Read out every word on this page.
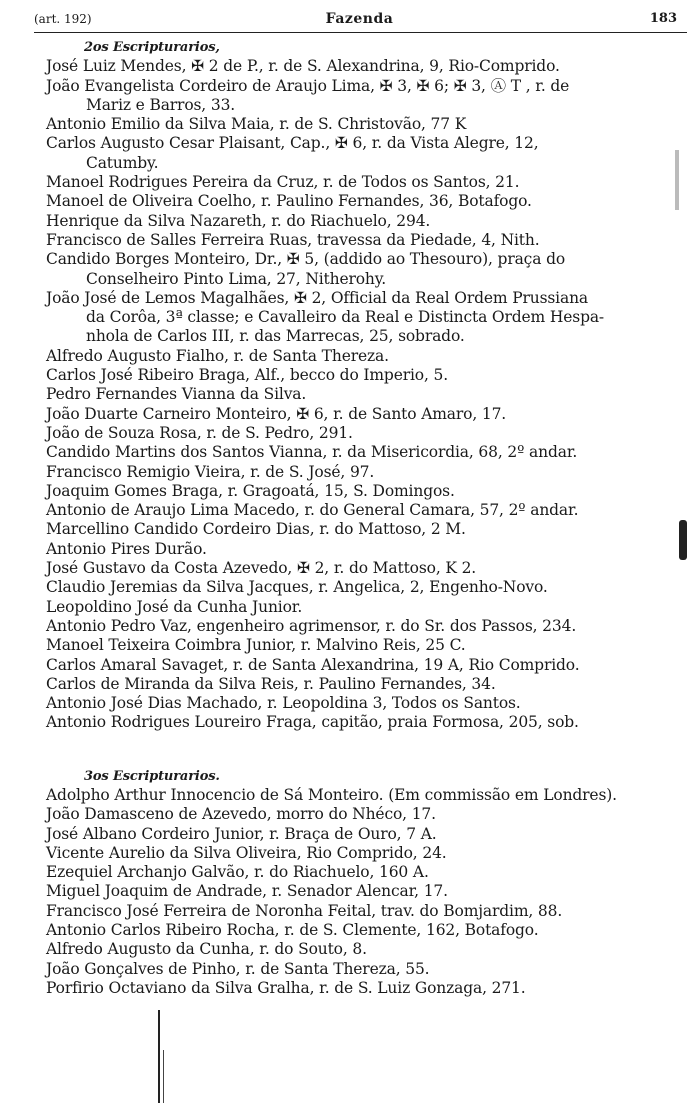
(art. 192)	Fazenda	183
2os Escripturarios,
José Luiz Mendes, ✠ 2 de P., r. de S. Alexandrina, 9, Rio-Comprido.
João Evangelista Cordeiro de Araujo Lima, ✠ 3, ✠ 6; ✠ 3, Ⓐ T , r. de
Mariz e Barros, 33.
Antonio Emilio da Silva Maia, r. de S. Christovão, 77 K
Carlos Augusto Cesar Plaisant, Cap., ✠ 6, r. da Vista Alegre, 12,
Catumby.
Manoel Rodrigues Pereira da Cruz, r. de Todos os Santos, 21.
Manoel de Oliveira Coelho, r. Paulino Fernandes, 36, Botafogo.
Henrique da Silva Nazareth, r. do Riachuelo, 294.
Francisco de Salles Ferreira Ruas, travessa da Piedade, 4, Nith.
Candido Borges Monteiro, Dr., ✠ 5, (addido ao Thesouro), praça do
Conselheiro Pinto Lima, 27, Nitherohy.
João José de Lemos Magalhães, ✠ 2, Official da Real Ordem Prussiana
da Corôa, 3ª classe; e Cavalleiro da Real e Distincta Ordem Hespa-
nhola de Carlos III, r. das Marrecas, 25, sobrado.
Alfredo Augusto Fialho, r. de Santa Thereza.
Carlos José Ribeiro Braga, Alf., becco do Imperio, 5.
Pedro Fernandes Vianna da Silva.
João Duarte Carneiro Monteiro, ✠ 6, r. de Santo Amaro, 17.
João de Souza Rosa, r. de S. Pedro, 291.
Candido Martins dos Santos Vianna, r. da Misericordia, 68, 2º andar.
Francisco Remigio Vieira, r. de S. José, 97.
Joaquim Gomes Braga, r. Gragoatá, 15, S. Domingos.
Antonio de Araujo Lima Macedo, r. do General Camara, 57, 2º andar.
Marcellino Candido Cordeiro Dias, r. do Mattoso, 2 M.
Antonio Pires Durão.
José Gustavo da Costa Azevedo, ✠ 2, r. do Mattoso, K 2.
Claudio Jeremias da Silva Jacques, r. Angelica, 2, Engenho-Novo.
Leopoldino José da Cunha Junior.
Antonio Pedro Vaz, engenheiro agrimensor, r. do Sr. dos Passos, 234.
Manoel Teixeira Coimbra Junior, r. Malvino Reis, 25 C.
Carlos Amaral Savaget, r. de Santa Alexandrina, 19 A, Rio Comprido.
Carlos de Miranda da Silva Reis, r. Paulino Fernandes, 34.
Antonio José Dias Machado, r. Leopoldina 3, Todos os Santos.
Antonio Rodrigues Loureiro Fraga, capitão, praia Formosa, 205, sob.
3os Escripturarios.
Adolpho Arthur Innocencio de Sá Monteiro. (Em commissão em Londres).
João Damasceno de Azevedo, morro do Nhéco, 17.
José Albano Cordeiro Junior, r. Braça de Ouro, 7 A.
Vicente Aurelio da Silva Oliveira, Rio Comprido, 24.
Ezequiel Archanjo Galvão, r. do Riachuelo, 160 A.
Miguel Joaquim de Andrade, r. Senador Alencar, 17.
Francisco José Ferreira de Noronha Feital, trav. do Bomjardim, 88.
Antonio Carlos Ribeiro Rocha, r. de S. Clemente, 162, Botafogo.
Alfredo Augusto da Cunha, r. do Souto, 8.
João Gonçalves de Pinho, r. de Santa Thereza, 55.
Porfirio Octaviano da Silva Gralha, r. de S. Luiz Gonzaga, 271.
